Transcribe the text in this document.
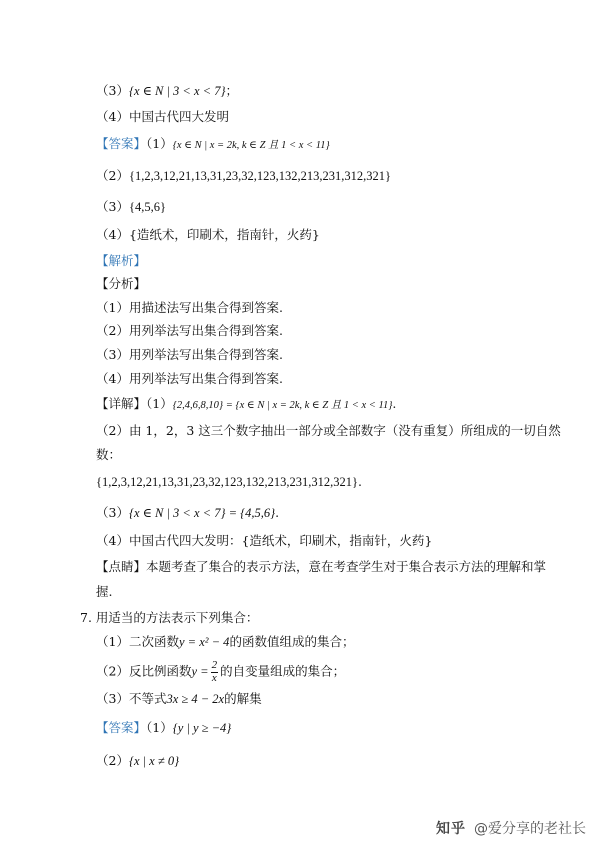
（3）{x ∈ N | 3 < x < 7}；
（4）中国古代四大发明
【答案】（1）{x ∈ N | x = 2k, k ∈ Z 且 1 < x < 11}
（2）{1,2,3,12,21,13,31,23,32,123,132,213,231,312,321}
（3）{4,5,6}
（4）{造纸术，印刷术，指南针，火药}
【解析】
【分析】
（1）用描述法写出集合得到答案.
（2）用列举法写出集合得到答案.
（3）用列举法写出集合得到答案.
（4）用列举法写出集合得到答案.
【详解】（1）{2,4,6,8,10} = {x ∈ N | x = 2k, k ∈ Z 且 1 < x < 11}.
（2）由 1，2，3 这三个数字抽出一部分或全部数字（没有重复）所组成的一切自然
数：
{1,2,3,12,21,13,31,23,32,123,132,213,231,312,321}.
（3）{x ∈ N | 3 < x < 7} = {4,5,6}.
（4）中国古代四大发明：{造纸术，印刷术，指南针，火药}
【点睛】本题考查了集合的表示方法，意在考查学生对于集合表示方法的理解和掌
握.
7. 用适当的方法表示下列集合：
（1）二次函数y = x² − 4的函数值组成的集合；
（2）反比例函数$y = \frac{2}{x}$ 的自变量组成的集合；
（3）不等式3x ≥ 4 − 2x的解集
【答案】（1）{y | y ≥ −4}
（2）{x | x ≠ 0}
知乎 @爱分享的老社长
